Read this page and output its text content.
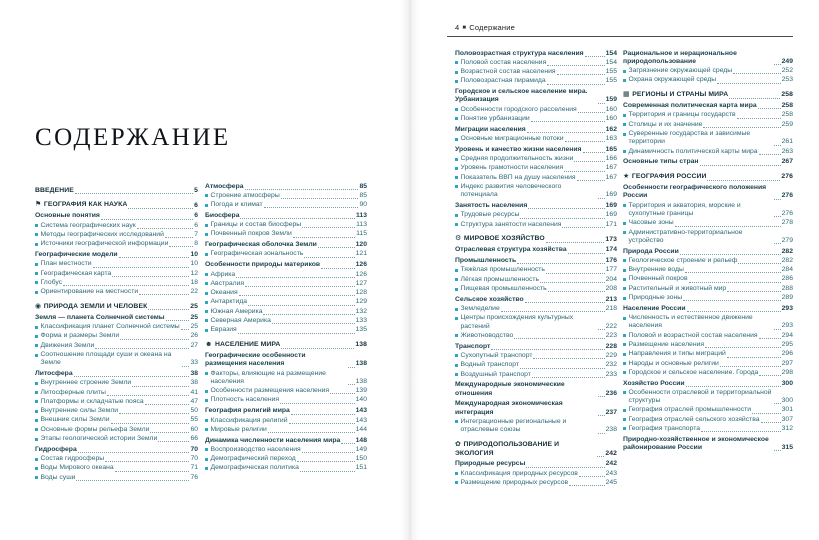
СОДЕРЖАНИЕ
ВВЕДЕНИЕ	5
⚑ ГЕОГРАФИЯ КАК НАУКА	6
Основные понятия	6
Система географических наук	6
Методы географических исследований	7
Источники географической информации	8
Географические модели	10
План местности	10
Географическая карта	12
Глобус	18
Ориентирование на местности	22
◉ ПРИРОДА ЗЕМЛИ И ЧЕЛОВЕК	25
Земля — планета Солнечной системы	25
Классификация планет Солнечной системы 25
Форма и размеры Земли	26
Движения Земли	27
Соотношение площади суши и океана на Земле	33
Литосфера	38
Внутреннее строение Земли	38
Литосферные плиты	41
Платформы и складчатые пояса	47
Внутренние силы Земли	50
Внешние силы Земли	55
Основные формы рельефа Земли	60
Этапы геологической истории Земли	66
Гидросфера	70
Состав гидросферы	70
Воды Мирового океана	71
Воды суши	76
Атмосфера	85
Строение атмосферы	85
Погода и климат	90
Биосфера	113
Границы и состав биосферы	113
Почвенный покров Земли	115
Географическая оболочка Земли	120
Географическая зональность	121
Особенности природы материков	126
Африка	126
Австралия	127
Океания	128
Антарктида	129
Южная Америка	132
Северная Америка	133
Евразия	135
☻ НАСЕЛЕНИЕ МИРА	138
Географические особенности размещения населения	138
Факторы, влияющие на размещение населения	138
Особенности размещения населения	139
Плотность населения	140
География религий мира	143
Классификация религий	143
Мировые религии	144
Динамика численности населения мира 148
Воспроизводство населения	149
Демографический переход	150
Демографическая политика	151
4 ■ Содержание
Половозрастная структура населения	154
Половой состав населения	154
Возрастной состав населения	155
Половозрастная пирамида	155
Городское и сельское население мира. Урбанизация	159
Особенности городского расселения	160
Понятие урбанизации	160
Миграции населения	162
Основные миграционные потоки	163
Уровень и качество жизни населения	165
Средняя продолжительность жизни	166
Уровень грамотности населения	167
Показатель ВВП на душу населения	167
Индекс развития человеческого потенциала	169
Занятость населения	169
Трудовые ресурсы	169
Структура занятости населения	171
⚙ МИРОВОЕ ХОЗЯЙСТВО	173
Отраслевая структура хозяйства	174
Промышленность	176
Тяжёлая промышленность	177
Лёгкая промышленность	204
Пищевая промышленность	208
Сельское хозяйство	213
Земледелие	218
Центры происхождения культурных растений	222
Животноводство	223
Транспорт	228
Сухопутный транспорт	229
Водный транспорт	232
Воздушный транспорт	233
Международные экономические отношения	236
Международная экономическая интеграция	237
Интеграционные региональные и отраслевые союзы	238
✿ ПРИРОДОПОЛЬЗОВАНИЕ И ЭКОЛОГИЯ	242
Природные ресурсы	242
Классификация природных ресурсов	243
Размещение природных ресурсов	245
Рациональное и нерациональное природопользование	249
Загрязнение окружающей среды	252
Охрана окружающей среды	253
▦ РЕГИОНЫ И СТРАНЫ МИРА	258
Современная политическая карта мира	258
Территория и границы государств	258
Столицы и их значение	259
Суверенные государства и зависимые территории	261
Динамичность политической карты мира	263
Основные типы стран	267
★ ГЕОГРАФИЯ РОССИИ	276
Особенности географического положения России	276
Территория и акватория, морские и сухопутные границы	276
Часовые зоны	278
Административно-территориальное устройство	279
Природа России	282
Геологическое строение и рельеф	282
Внутренние воды	284
Почвенный покров	286
Растительный и животный мир	288
Природные зоны	289
Население России	293
Численность и естественное движение населения	293
Половой и возрастной состав населения	294
Размещение населения	295
Направления и типы миграций	296
Народы и основные религии	297
Городское и сельское население. Города	298
Хозяйство России	300
Особенности отраслевой и территориальной структуры	300
География отраслей промышленности	301
География отраслей сельского хозяйства	307
География транспорта	312
Природно-хозяйственное и экономическое районирование России	315
